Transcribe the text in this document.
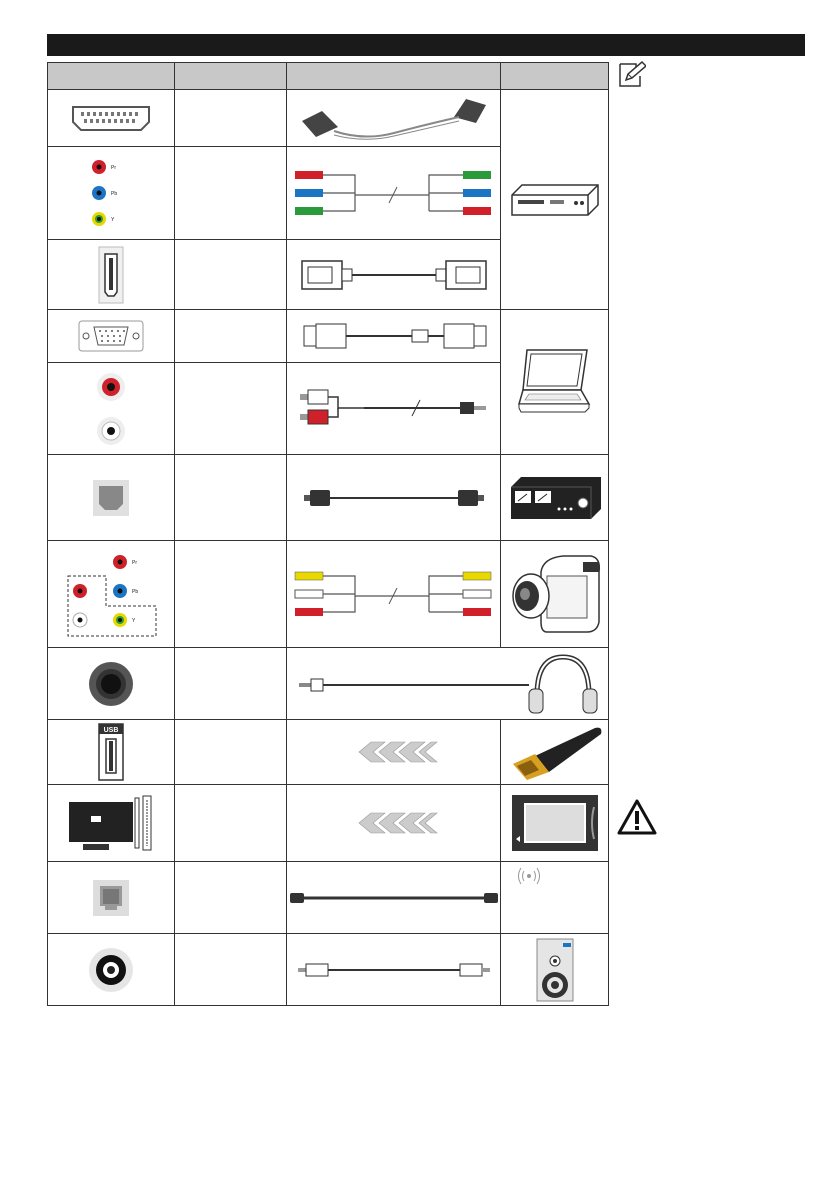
Pr
Pb
Y

Pr
Pb
Y

USB
